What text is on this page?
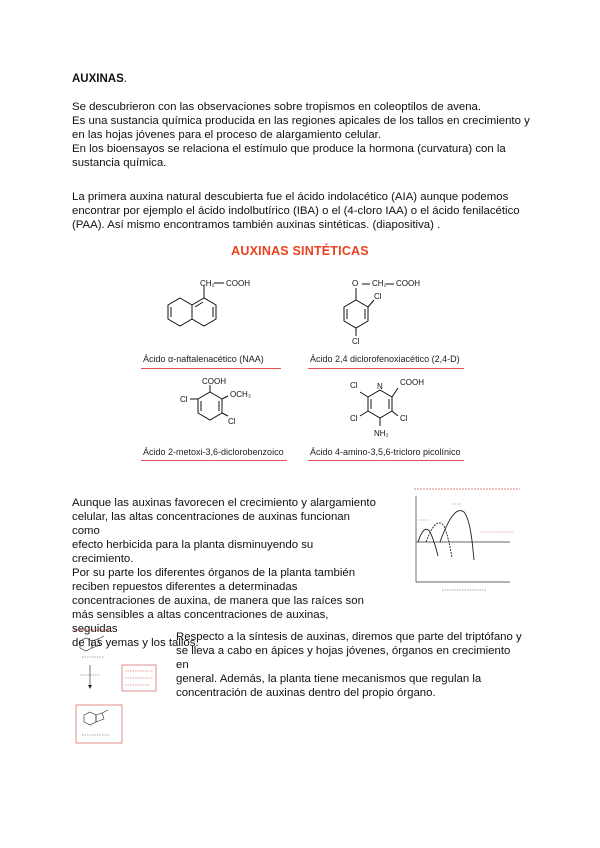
AUXINAS.

Se descubrieron con las observaciones sobre tropismos en coleoptilos de avena.
Es una sustancia química producida en las regiones apicales de los tallos en crecimiento y
en las hojas jóvenes para el proceso de alargamiento celular.
En los bioensayos se relaciona el estímulo que produce la hormona (curvatura) con la
sustancia química.
La primera auxina natural descubierta fue el ácido indolacético (AIA) aunque podemos
encontrar por ejemplo el ácido indolbutírico (IBA) o el (4-cloro IAA) o el ácido fenilacético
(PAA). Así mismo encontramos también auxinas sintéticas. (diapositiva) .
AUXINAS SINTÉTICAS
CH₂ COOH
Ácido α-naftalenacético (NAA)
O CH₂ COOH
Cl
Cl
Ácido 2,4 diclorofenoxiacético (2,4-D)
COOH
Cl
OCH₃
Cl
Ácido 2-metoxi-3,6-diclorobenzoico
Cl N COOH
Cl	Cl
NH₂
Ácido 4-amino-3,5,6-tricloro picolínico
Aunque las auxinas favorecen el crecimiento y alargamiento
celular, las altas concentraciones de auxinas funcionan como
efecto herbicida para la planta disminuyendo su crecimiento.
Por su parte los diferentes órganos de la planta también
reciben repuestos diferentes a determinadas
concentraciones de auxina, de manera que las raíces son
más sensibles a altas concentraciones de auxinas, seguidas
de las yemas y los tallos.
Respecto a la síntesis de auxinas, diremos que parte del triptófano y
se lleva a cabo en ápices y hojas jóvenes, órganos en crecimiento en
general. Además, la planta tiene mecanismos que regulan la
concentración de auxinas dentro del propio órgano.
